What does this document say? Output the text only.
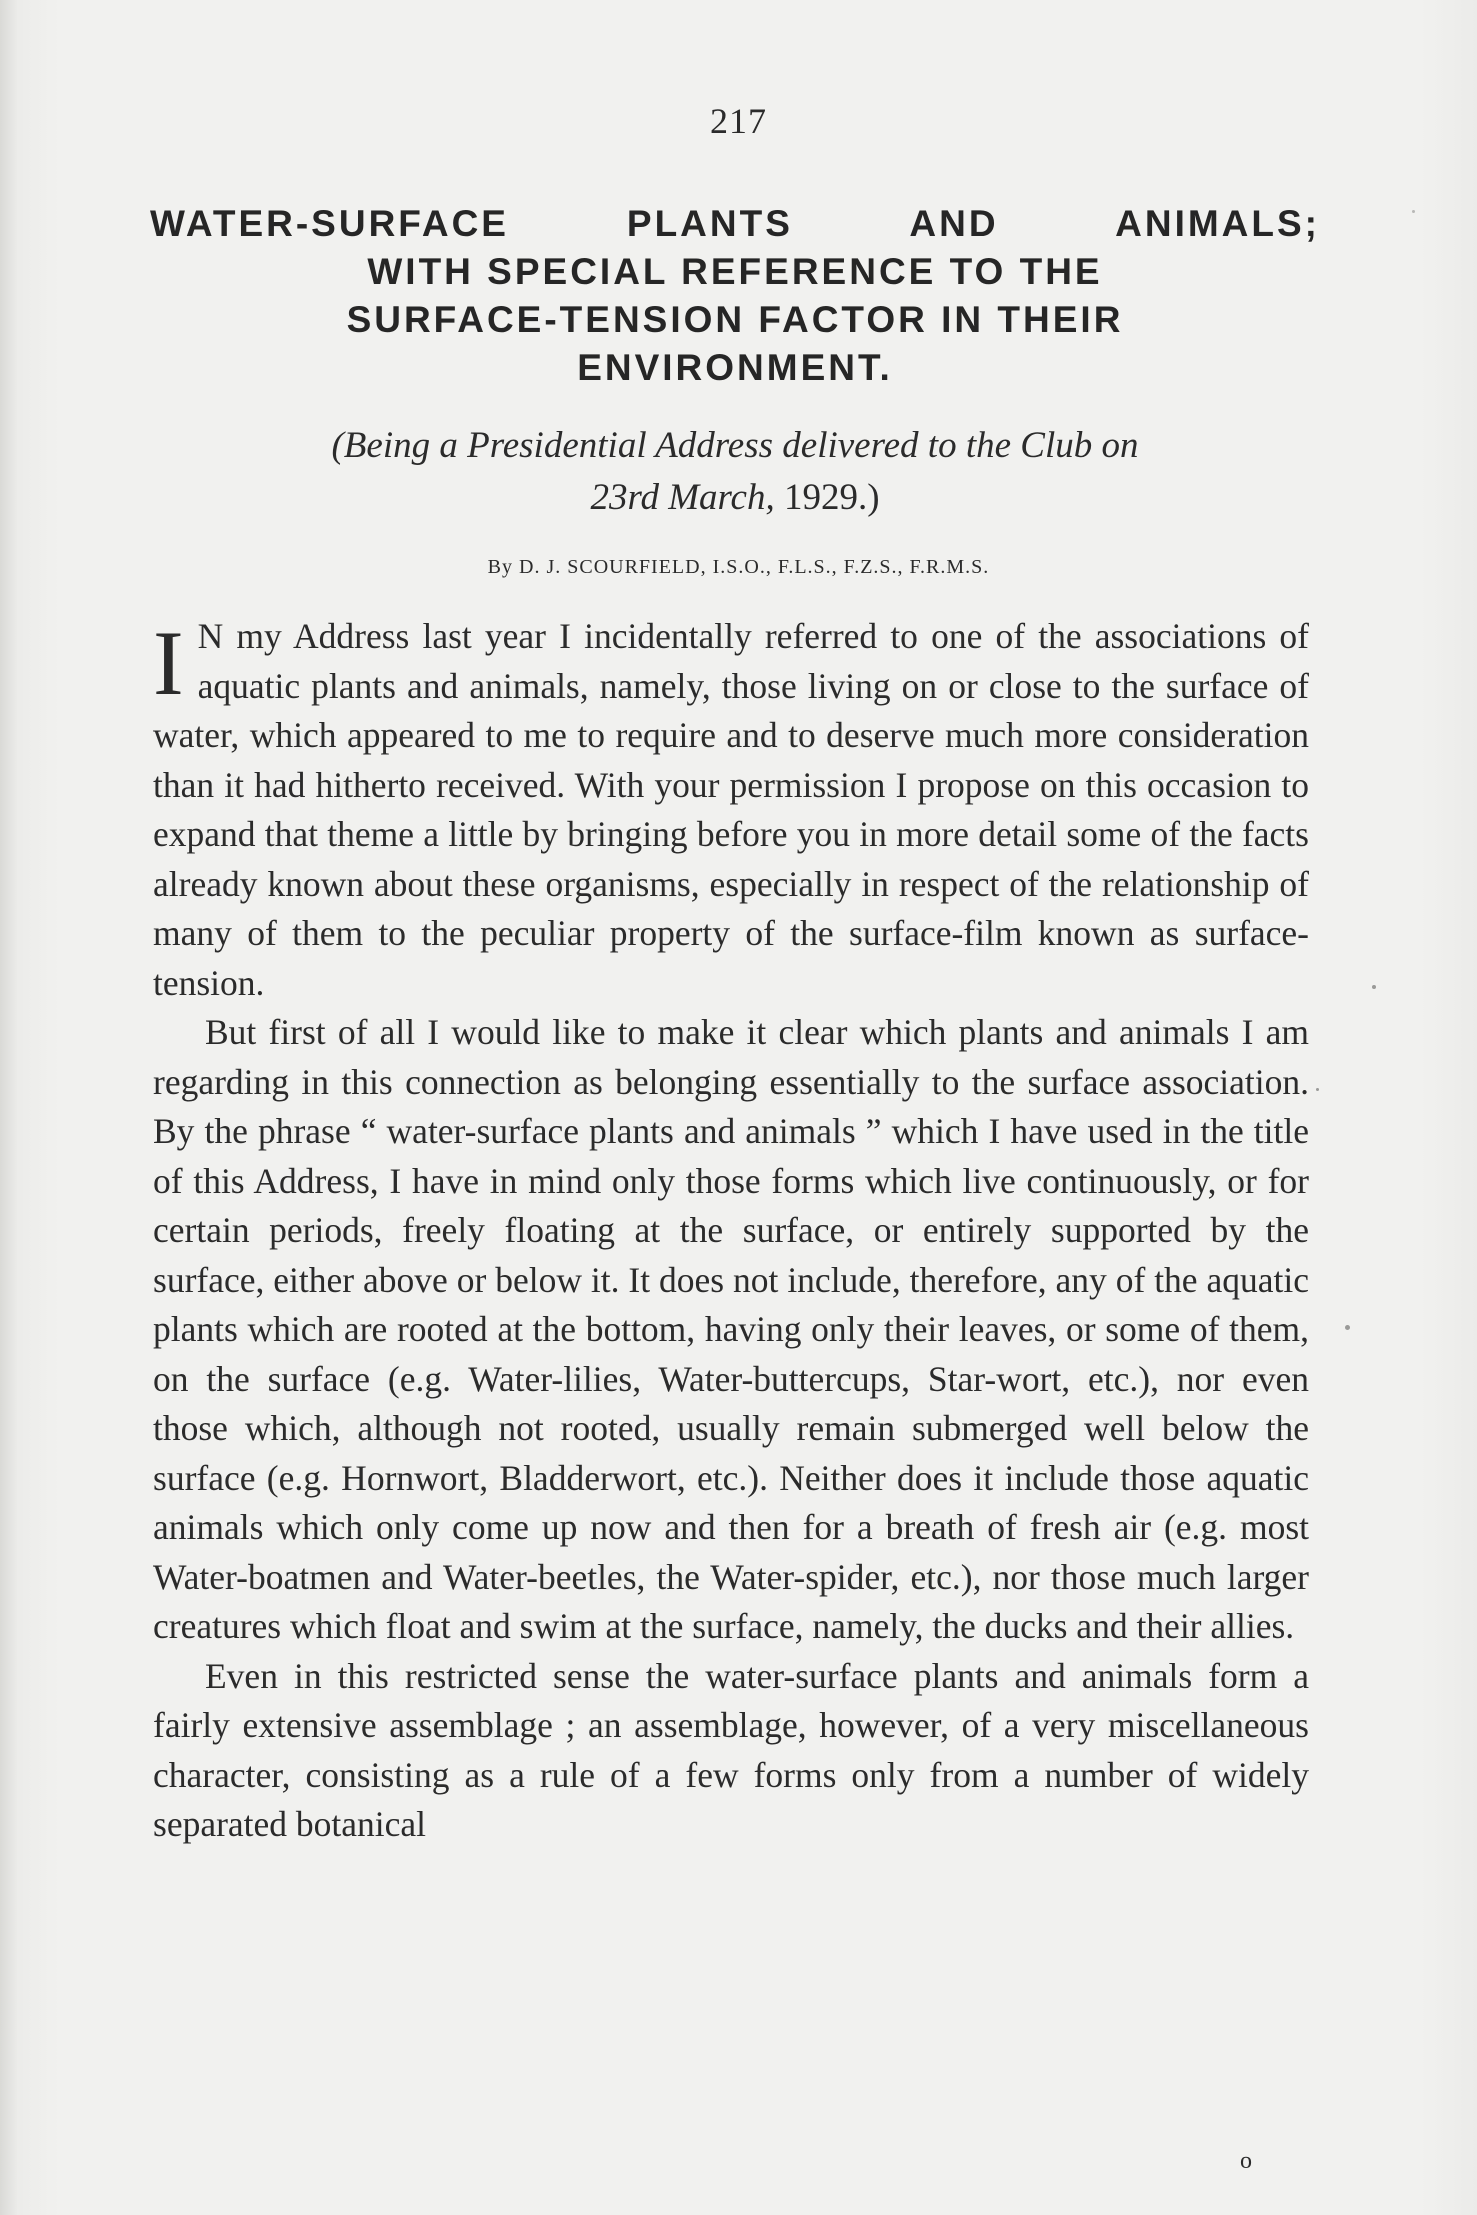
217
WATER-SURFACE PLANTS AND ANIMALS;
WITH SPECIAL REFERENCE TO THE
SURFACE-TENSION FACTOR IN THEIR
ENVIRONMENT.
(Being a Presidential Address delivered to the Club on
23rd March, 1929.)
By D. J. SCOURFIELD, I.S.O., F.L.S., F.Z.S., F.R.M.S.

I N my Address last year I incidentally referred to one of the associations of aquatic plants and animals, namely, those living on or close to the surface of water, which appeared to me to require and to deserve much more consideration than it had hitherto received. With your permission I propose on this occasion to expand that theme a little by bringing before you in more detail some of the facts already known about these organisms, especially in respect of the relationship of many of them to the peculiar property of the surface-film known as surface-tension.

But first of all I would like to make it clear which plants and animals I am regarding in this connection as belonging essentially to the surface association. By the phrase “ water-surface plants and animals ” which I have used in the title of this Address, I have in mind only those forms which live continuously, or for certain periods, freely floating at the surface, or entirely supported by the surface, either above or below it. It does not include, therefore, any of the aquatic plants which are rooted at the bottom, having only their leaves, or some of them, on the surface (e.g. Water-lilies, Water-buttercups, Star-wort, etc.), nor even those which, although not rooted, usually remain submerged well below the surface (e.g. Hornwort, Bladderwort, etc.). Neither does it include those aquatic animals which only come up now and then for a breath of fresh air (e.g. most Water-boatmen and Water-beetles, the Water-spider, etc.), nor those much larger creatures which float and swim at the surface, namely, the ducks and their allies.

Even in this restricted sense the water-surface plants and animals form a fairly extensive assemblage ; an assemblage, however, of a very miscellaneous character, consisting as a rule of a few forms only from a number of widely separated botanical

o
